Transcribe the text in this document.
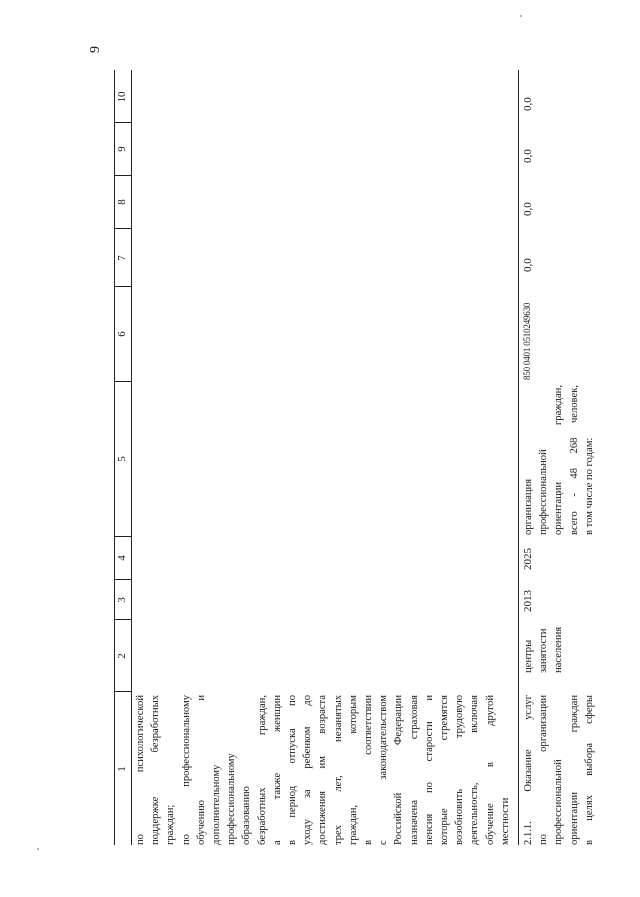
9
1
2
3
4
5
6
7
8
9
10
по психологической поддержке безработных граждан; по профессиональному обучению и дополнительному профессиональному образованию безработных граждан, а также женщин в период отпуска по уходу за ребенком до достижения им возраста трех лет, незанятых граждан, которым в соответствии с законодательством Российской Федерации назначена страховая пенсия по старости и которые стремятся возобновить трудовую деятельность, включая обучение в другой местности 2.1.1. Оказание услуг по организации профессиональной ориентации граждан в целях выбора сферы
центры занятости населения
2013
2025
организация профессиональной ориентации граждан, всего - 48 268 человек, в том числе по годам:
850 0401 0510249630
0,0
0,0
0,0
0,0
